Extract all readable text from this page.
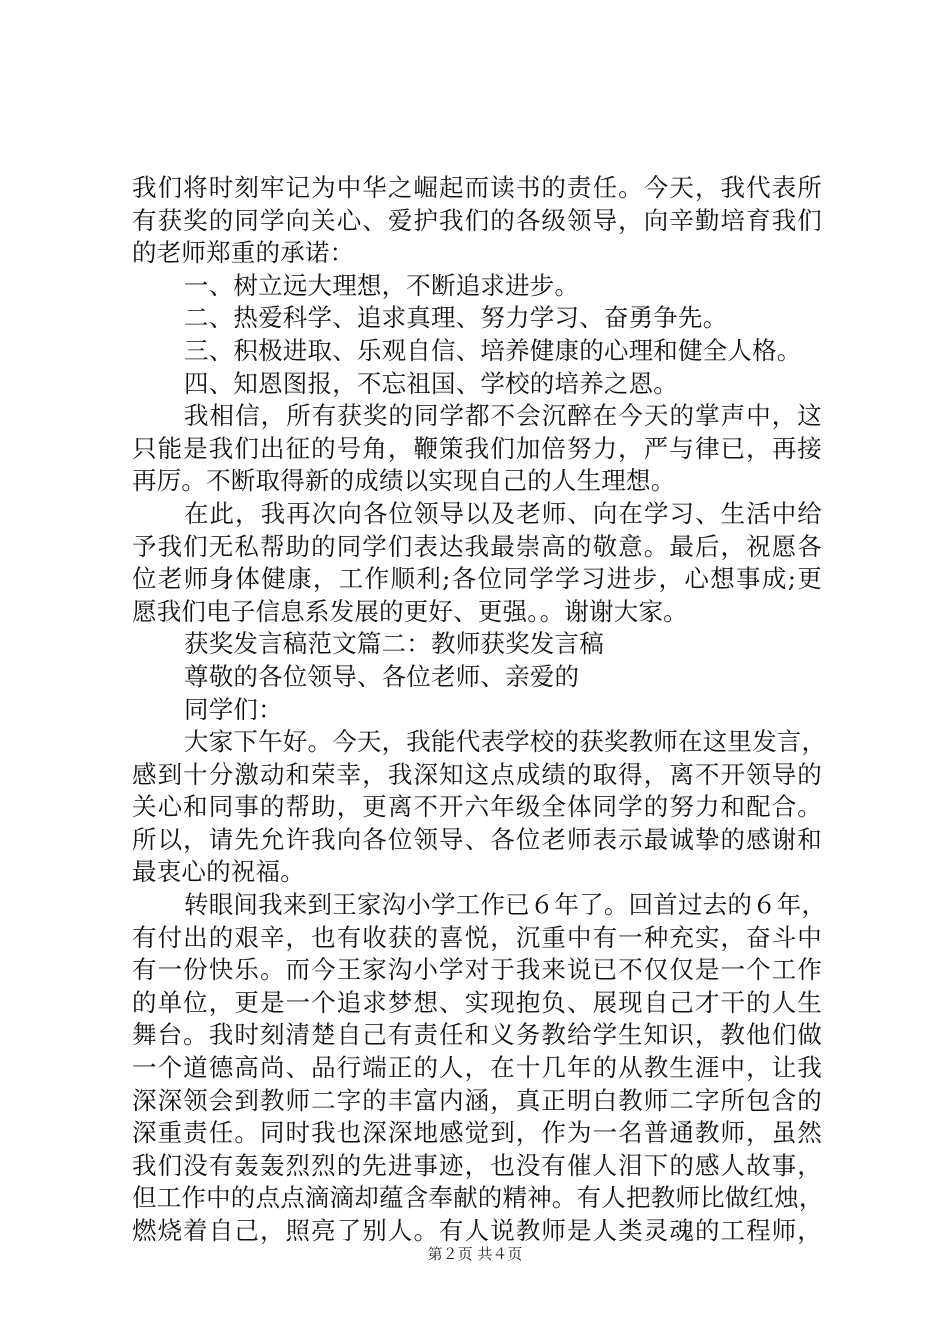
我们将时刻牢记为中华之崛起而读书的责任。今天，我代表所
有获奖的同学向关心、爱护我们的各级领导，向辛勤培育我们
的老师郑重的承诺：
一、树立远大理想，不断追求进步。
二、热爱科学、追求真理、努力学习、奋勇争先。
三、积极进取、乐观自信、培养健康的心理和健全人格。
四、知恩图报，不忘祖国、学校的培养之恩。
我相信，所有获奖的同学都不会沉醉在今天的掌声中，这
只能是我们出征的号角，鞭策我们加倍努力，严与律已，再接
再厉。不断取得新的成绩以实现自己的人生理想。
在此，我再次向各位领导以及老师、向在学习、生活中给
予我们无私帮助的同学们表达我最崇高的敬意。最后，祝愿各
位老师身体健康，工作顺利;各位同学学习进步，心想事成;更
愿我们电子信息系发展的更好、更强。。谢谢大家。
获奖发言稿范文篇二：教师获奖发言稿
尊敬的各位领导、各位老师、亲爱的
同学们：
大家下午好。今天，我能代表学校的获奖教师在这里发言，
感到十分激动和荣幸，我深知这点成绩的取得，离不开领导的
关心和同事的帮助，更离不开六年级全体同学的努力和配合。
所以，请先允许我向各位领导、各位老师表示最诚挚的感谢和
最衷心的祝福。
转眼间我来到王家沟小学工作已６年了。回首过去的６年，
有付出的艰辛，也有收获的喜悦，沉重中有一种充实，奋斗中
有一份快乐。而今王家沟小学对于我来说已不仅仅是一个工作
的单位，更是一个追求梦想、实现抱负、展现自己才干的人生
舞台。我时刻清楚自己有责任和义务教给学生知识，教他们做
一个道德高尚、品行端正的人，在十几年的从教生涯中，让我
深深领会到教师二字的丰富内涵，真正明白教师二字所包含的
深重责任。同时我也深深地感觉到，作为一名普通教师，虽然
我们没有轰轰烈烈的先进事迹，也没有催人泪下的感人故事，
但工作中的点点滴滴却蕴含奉献的精神。有人把教师比做红烛，
燃烧着自己，照亮了别人。有人说教师是人类灵魂的工程师，
第２页 共４页
